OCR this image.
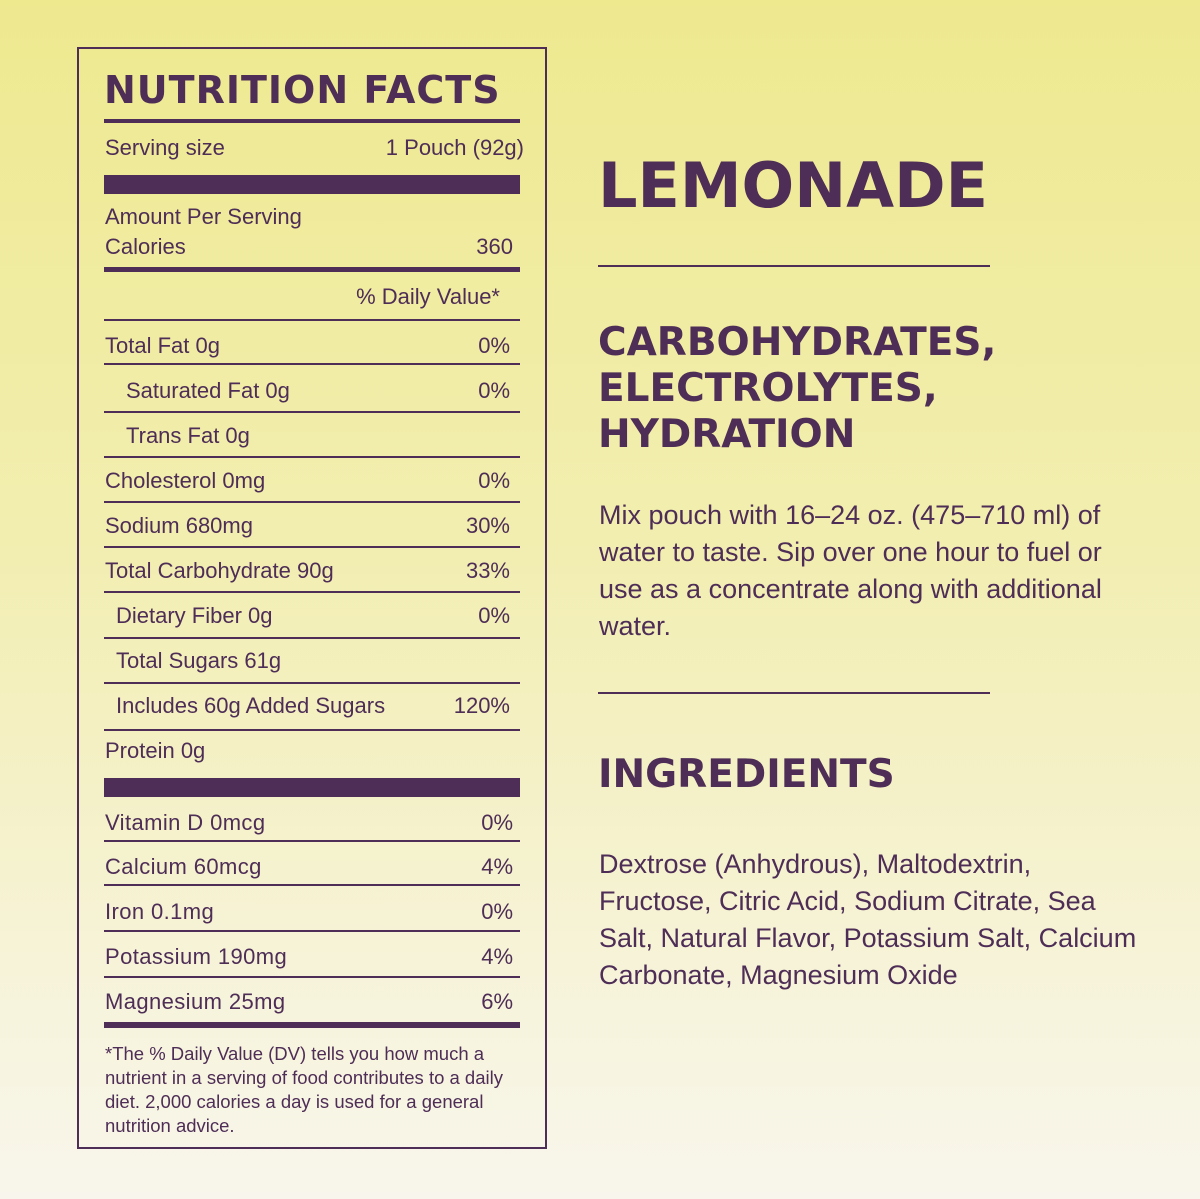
NUTRITION FACTS
Serving size	1 Pouch (92g)
Amount Per Serving
Calories	360
% Daily Value*
Total Fat 0g	0%
Saturated Fat 0g	0%
Trans Fat 0g
Cholesterol 0mg	0%
Sodium 680mg	30%
Total Carbohydrate 90g	33%
Dietary Fiber 0g	0%
Total Sugars 61g
Includes 60g Added Sugars	120%
Protein 0g
Vitamin D 0mcg	0%
Calcium 60mcg	4%
Iron 0.1mg	0%
Potassium 190mg	4%
Magnesium 25mg	6%
*The % Daily Value (DV) tells you how much a nutrient in a serving of food contributes to a daily diet. 2,000 calories a day is used for a general nutrition advice.
LEMONADE
CARBOHYDRATES,
ELECTROLYTES,
HYDRATION
Mix pouch with 16–24 oz. (475–710 ml) of water to taste. Sip over one hour to fuel or use as a concentrate along with additional water.
INGREDIENTS
Dextrose (Anhydrous), Maltodextrin, Fructose, Citric Acid, Sodium Citrate, Sea Salt, Natural Flavor, Potassium Salt, Calcium Carbonate, Magnesium Oxide
